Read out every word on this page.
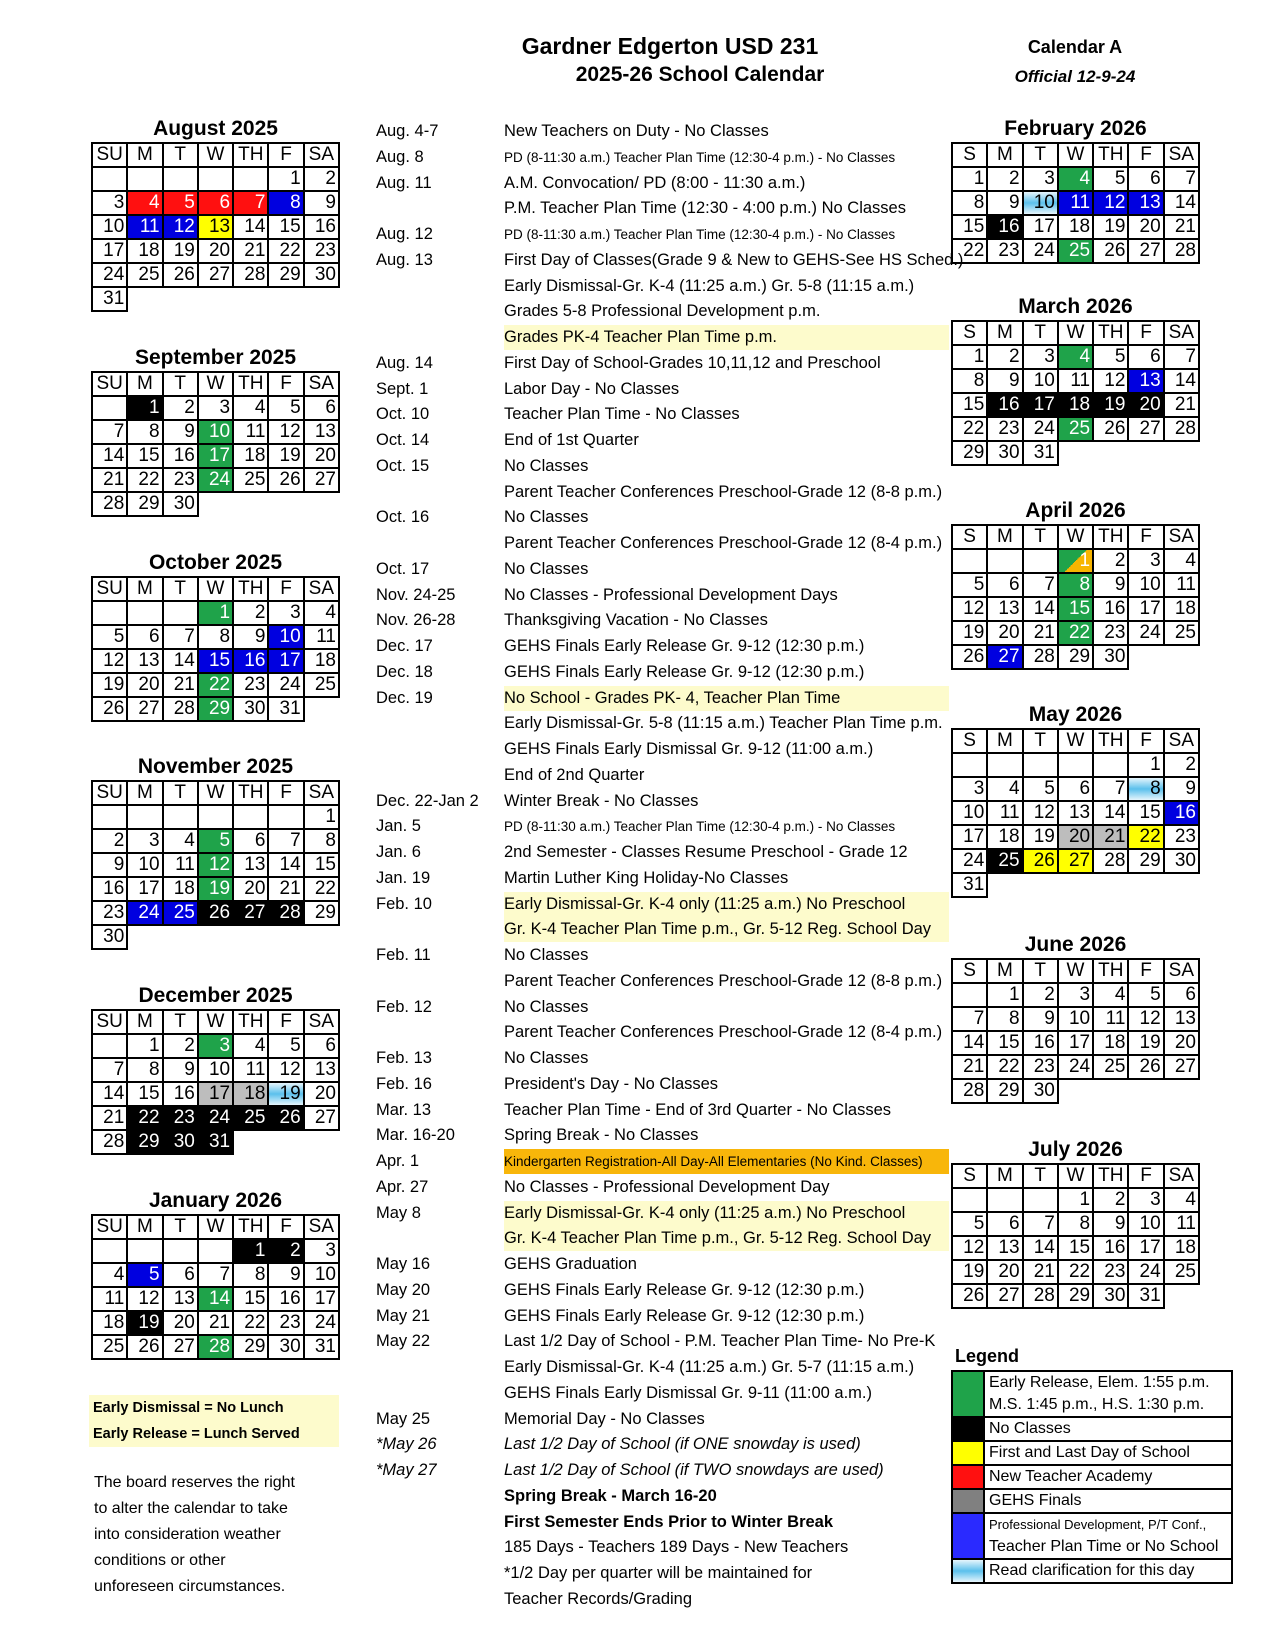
Gardner Edgerton USD 231
2025-26 School Calendar
Calendar A
Official 12-9-24
August 2025
SU	M	T	W	TH	F	SA
					1	2
3	4	5	6	7	8	9
10	11	12	13	14	15	16
17	18	19	20	21	22	23
24	25	26	27	28	29	30
31						
September 2025
SU	M	T	W	TH	F	SA
	1	2	3	4	5	6
7	8	9	10	11	12	13
14	15	16	17	18	19	20
21	22	23	24	25	26	27
28	29	30				
October 2025
SU	M	T	W	TH	F	SA
			1	2	3	4
5	6	7	8	9	10	11
12	13	14	15	16	17	18
19	20	21	22	23	24	25
26	27	28	29	30	31	
November 2025
SU	M	T	W	TH	F	SA
						1
2	3	4	5	6	7	8
9	10	11	12	13	14	15
16	17	18	19	20	21	22
23	24	25	26	27	28	29
30						
December 2025
SU	M	T	W	TH	F	SA
	1	2	3	4	5	6
7	8	9	10	11	12	13
14	15	16	17	18	19	20
21	22	23	24	25	26	27
28	29	30	31			
January 2026
SU	M	T	W	TH	F	SA
				1	2	3
4	5	6	7	8	9	10
11	12	13	14	15	16	17
18	19	20	21	22	23	24
25	26	27	28	29	30	31
February 2026
S	M	T	W	TH	F	SA
1	2	3	4	5	6	7
8	9	10	11	12	13	14
15	16	17	18	19	20	21
22	23	24	25	26	27	28
March 2026
S	M	T	W	TH	F	SA
1	2	3	4	5	6	7
8	9	10	11	12	13	14
15	16	17	18	19	20	21
22	23	24	25	26	27	28
29	30	31				
April 2026
S	M	T	W	TH	F	SA
			1	2	3	4
5	6	7	8	9	10	11
12	13	14	15	16	17	18
19	20	21	22	23	24	25
26	27	28	29	30		
May 2026
S	M	T	W	TH	F	SA
					1	2
3	4	5	6	7	8	9
10	11	12	13	14	15	16
17	18	19	20	21	22	23
24	25	26	27	28	29	30
31						
June 2026
S	M	T	W	TH	F	SA
	1	2	3	4	5	6
7	8	9	10	11	12	13
14	15	16	17	18	19	20
21	22	23	24	25	26	27
28	29	30				
July 2026
S	M	T	W	TH	F	SA
			1	2	3	4
5	6	7	8	9	10	11
12	13	14	15	16	17	18
19	20	21	22	23	24	25
26	27	28	29	30	31	
Aug. 4-7	New Teachers on Duty - No Classes
Aug. 8	PD (8-11:30 a.m.) Teacher Plan Time (12:30-4 p.m.) - No Classes
Aug. 11	A.M. Convocation/ PD (8:00 - 11:30 a.m.)
P.M. Teacher Plan Time (12:30 - 4:00 p.m.) No Classes
Aug. 12	PD (8-11:30 a.m.) Teacher Plan Time (12:30-4 p.m.) - No Classes
Aug. 13	First Day of Classes(Grade 9 & New to GEHS-See HS Sched.)
Early Dismissal-Gr. K-4 (11:25 a.m.) Gr. 5-8 (11:15 a.m.)
Grades 5-8 Professional Development p.m.
Grades PK-4 Teacher Plan Time p.m.
Aug. 14	First Day of School-Grades 10,11,12 and Preschool
Sept. 1	Labor Day - No Classes
Oct. 10	Teacher Plan Time - No Classes
Oct. 14	End of 1st Quarter
Oct. 15	No Classes
Parent Teacher Conferences Preschool-Grade 12 (8-8 p.m.)
Oct. 16	No Classes
Parent Teacher Conferences Preschool-Grade 12 (8-4 p.m.)
Oct. 17	No Classes
Nov. 24-25	No Classes - Professional Development Days
Nov. 26-28	Thanksgiving Vacation - No Classes
Dec. 17	GEHS Finals Early Release Gr. 9-12 (12:30 p.m.)
Dec. 18	GEHS Finals Early Release Gr. 9-12 (12:30 p.m.)
Dec. 19	No School - Grades PK- 4, Teacher Plan Time
Early Dismissal-Gr. 5-8 (11:15 a.m.) Teacher Plan Time p.m.
GEHS Finals Early Dismissal Gr. 9-12 (11:00 a.m.)
End of 2nd Quarter
Dec. 22-Jan 2 Winter Break - No Classes
Jan. 5	PD (8-11:30 a.m.) Teacher Plan Time (12:30-4 p.m.) - No Classes
Jan. 6	2nd Semester - Classes Resume Preschool - Grade 12
Jan. 19	Martin Luther King Holiday-No Classes
Feb. 10	Early Dismissal-Gr. K-4 only (11:25 a.m.) No Preschool
Gr. K-4 Teacher Plan Time p.m., Gr. 5-12 Reg. School Day
Feb. 11	No Classes
Parent Teacher Conferences Preschool-Grade 12 (8-8 p.m.)
Feb. 12	No Classes
Parent Teacher Conferences Preschool-Grade 12 (8-4 p.m.)
Feb. 13	No Classes
Feb. 16	President's Day - No Classes
Mar. 13	Teacher Plan Time - End of 3rd Quarter - No Classes
Mar. 16-20	Spring Break - No Classes
Apr. 1	Kindergarten Registration-All Day-All Elementaries (No Kind. Classes)
Apr. 27	No Classes - Professional Development Day
May 8	Early Dismissal-Gr. K-4 only (11:25 a.m.) No Preschool
Gr. K-4 Teacher Plan Time p.m., Gr. 5-12 Reg. School Day
May 16	GEHS Graduation
May 20	GEHS Finals Early Release Gr. 9-12 (12:30 p.m.)
May 21	GEHS Finals Early Release Gr. 9-12 (12:30 p.m.)
May 22	Last 1/2 Day of School - P.M. Teacher Plan Time- No Pre-K
Early Dismissal-Gr. K-4 (11:25 a.m.) Gr. 5-7 (11:15 a.m.)
GEHS Finals Early Dismissal Gr. 9-11 (11:00 a.m.)
May 25	Memorial Day - No Classes
*May 26	Last 1/2 Day of School (if ONE snowday is used)
*May 27	Last 1/2 Day of School (if TWO snowdays are used)
Spring Break - March 16-20
First Semester Ends Prior to Winter Break
185 Days - Teachers 189 Days - New Teachers
*1/2 Day per quarter will be maintained for
Teacher Records/Grading
Early Dismissal = No Lunch
Early Release = Lunch Served
The board reserves the right
to alter the calendar to take
into consideration weather
conditions or other
unforeseen circumstances.
Legend
	Early Release, Elem. 1:55 p.m.
	M.S. 1:45 p.m., H.S. 1:30 p.m.
	No Classes
	First and Last Day of School
	New Teacher Academy
	GEHS Finals
	Professional Development, P/T Conf.,
	Teacher Plan Time or No School
	Read clarification for this day
